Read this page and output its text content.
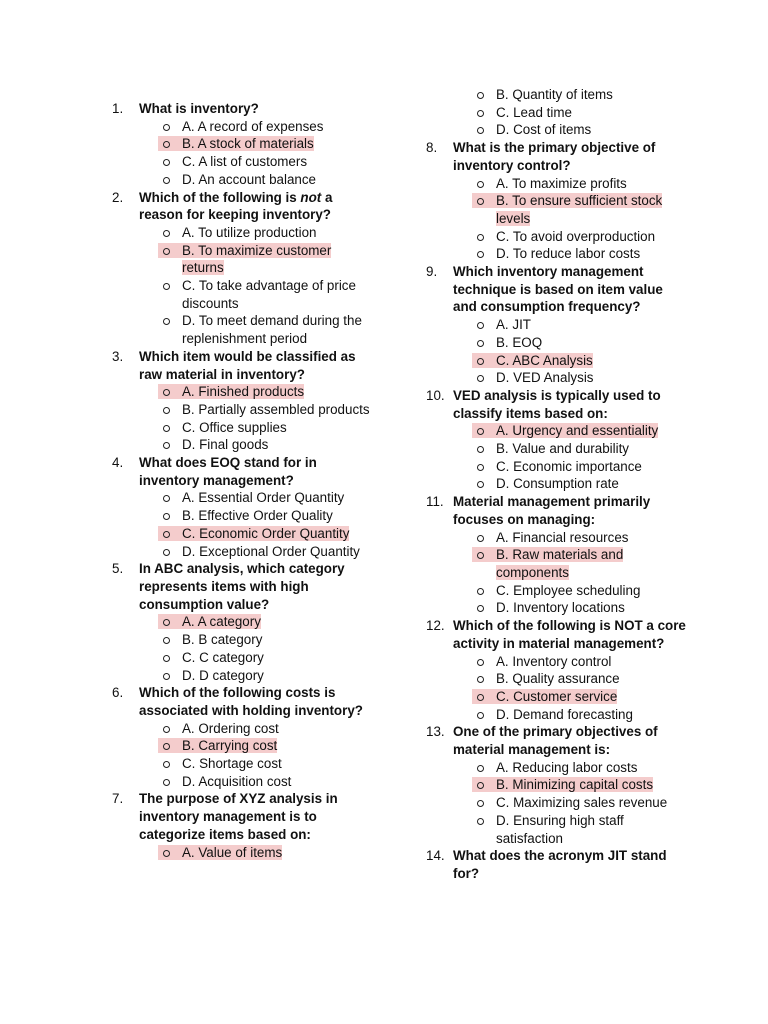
1.	What is inventory?
A. A record of expenses
B. A stock of materials
C. A list of customers
D. An account balance
2.	Which of the following is not a reason for keeping inventory?
A. To utilize production
B. To maximize customer returns
C. To take advantage of price discounts
D. To meet demand during the replenishment period
3.	Which item would be classified as raw material in inventory?
A. Finished products
B. Partially assembled products
C. Office supplies
D. Final goods
4.	What does EOQ stand for in inventory management?
A. Essential Order Quantity
B. Effective Order Quality
C. Economic Order Quantity
D. Exceptional Order Quantity
5.	In ABC analysis, which category represents items with high consumption value?
A. A category
B. B category
C. C category
D. D category
6.	Which of the following costs is associated with holding inventory?
A. Ordering cost
B. Carrying cost
C. Shortage cost
D. Acquisition cost
7.	The purpose of XYZ analysis in inventory management is to categorize items based on:
A. Value of items
B. Quantity of items
C. Lead time
D. Cost of items
8.	What is the primary objective of inventory control?
A. To maximize profits
B. To ensure sufficient stock levels
C. To avoid overproduction
D. To reduce labor costs
9.	Which inventory management technique is based on item value and consumption frequency?
A. JIT
B. EOQ
C. ABC Analysis
D. VED Analysis
10. VED analysis is typically used to classify items based on:
A. Urgency and essentiality
B. Value and durability
C. Economic importance
D. Consumption rate
11. Material management primarily focuses on managing:
A. Financial resources
B. Raw materials and components
C. Employee scheduling
D. Inventory locations
12. Which of the following is NOT a core activity in material management?
A. Inventory control
B. Quality assurance
C. Customer service
D. Demand forecasting
13. One of the primary objectives of material management is:
A. Reducing labor costs
B. Minimizing capital costs
C. Maximizing sales revenue
D. Ensuring high staff satisfaction
14. What does the acronym JIT stand for?
